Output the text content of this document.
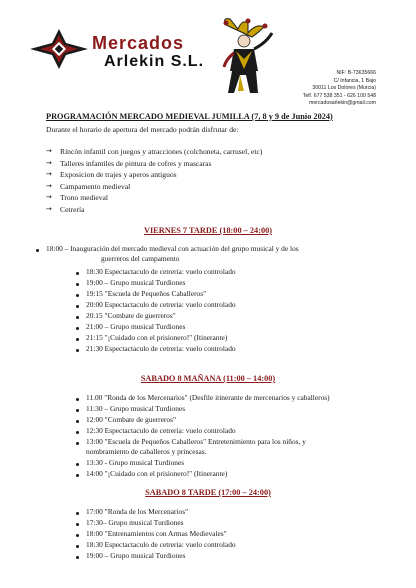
Mercados
Arlekin S.L.
NIF: B-73635666
C/ Infancia, 1 Bajo
30011 Los Dolores (Murcia)
Telf. 677 538 351 - 626 100 548
mercadosarlekin@gmail.com
PROGRAMACIÓN MERCADO MEDIEVAL JUMILLA (7, 8 y 9 de Junio 2024)
Durante el horario de apertura del mercado podrán disfrutar de:
→	Rincón infantil con juegos y atracciones (colchoneta, carrusel, etc)
→	Talleres infantiles de pintura de cofres y mascaras
→	Exposicion de trajes y aperos antiguos
→	Campamento medieval
→	Trono medieval
→	Cetrería
VIERNES 7 TARDE (18:00 – 24:00)
18:00 – Inauguración del mercado medieval con actuación del grupo musical y de los
guerreros del campamento
18:30 Espectactaculo de cetreria: vuelo controlado
19:00 – Grupo musical Turdiones
19:15 "Escuela de Pequeños Caballeros"
20:00 Espectactaculo de cetreria: vuelo controlado
20.15 "Combate de guerreros"
21:00 – Grupo musical Turdiones
21:15 "¡Cuidado con el prisionero!" (Itinerante)
21:30 Espectactaculo de cetreria: vuelo controlado
SABADO 8 MAÑANA (11:00 – 14:00)
11.00 "Ronda de los Mercenarios" (Desfile itinerante de mercenarios y caballeros)
11:30 – Grupo musical Turdiones
12:00 "Combate de guerreros"
12:30 Espectactaculo de cetreria: vuelo controlado
13:00 "Escuela de Pequeños Caballeros" Entretenimiento para los niños, y
nombramiento de caballeros y princesas.
13:30 - Grupo musical Turdiones
14:00 "¡Cuidado con el prisionero!" (Itinerante)
SABADO 8 TARDE (17:00 – 24:00)
17:00 "Ronda de los Mercenarios"
17:30– Grupo musical Turdiones
18:00 "Entrenamientos con Armas Medievales"
18:30 Espectactaculo de cetreria: vuelo controlado
19:00 – Grupo musical Turdiones
